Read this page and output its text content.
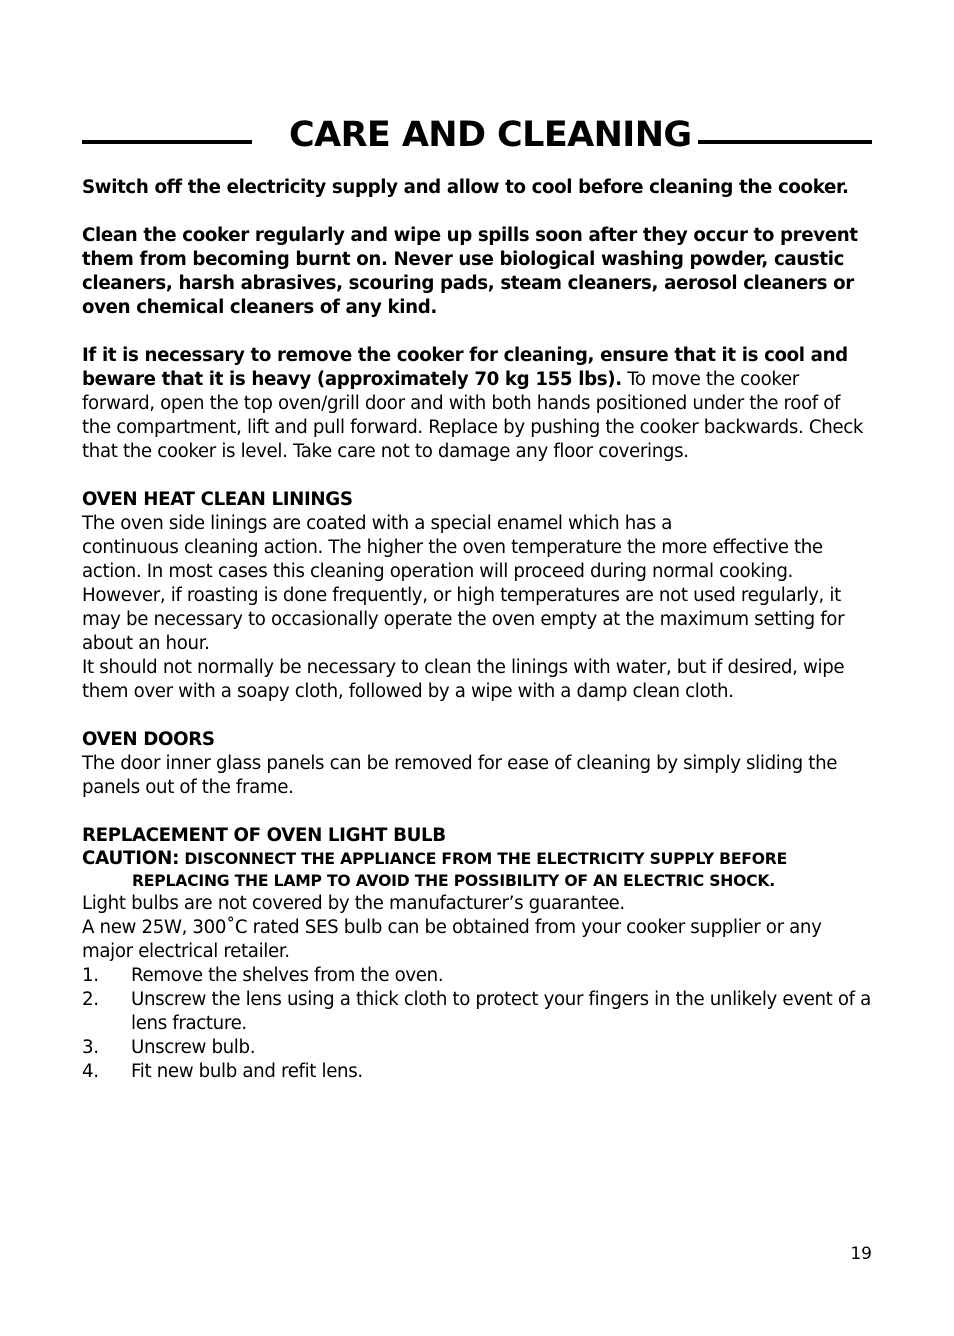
CARE AND CLEANING

Switch off the electricity supply and allow to cool before cleaning the cooker.

Clean the cooker regularly and wipe up spills soon after they occur to prevent them from becoming burnt on. Never use biological washing powder, caustic cleaners, harsh abrasives, scouring pads, steam cleaners, aerosol cleaners or oven chemical cleaners of any kind.

If it is necessary to remove the cooker for cleaning, ensure that it is cool and beware that it is heavy (approximately 70 kg 155 lbs). To move the cooker forward, open the top oven/grill door and with both hands positioned under the roof of the compartment, lift and pull forward. Replace by pushing the cooker backwards. Check that the cooker is level. Take care not to damage any floor coverings.

OVEN HEAT CLEAN LININGS

The oven side linings are coated with a special enamel which has a

continuous cleaning action. The higher the oven temperature the more effective the action. In most cases this cleaning operation will proceed during normal cooking. However, if roasting is done frequently, or high temperatures are not used regularly, it may be necessary to occasionally operate the oven empty at the maximum setting for about an hour.

It should not normally be necessary to clean the linings with water, but if desired, wipe them over with a soapy cloth, followed by a wipe with a damp clean cloth.

OVEN DOORS

The door inner glass panels can be removed for ease of cleaning by simply sliding the panels out of the frame.

REPLACEMENT OF OVEN LIGHT BULB

CAUTION: DISCONNECT THE APPLIANCE FROM THE ELECTRICITY SUPPLY BEFORE

REPLACING THE LAMP TO AVOID THE POSSIBILITY OF AN ELECTRIC SHOCK.

Light bulbs are not covered by the manufacturer’s guarantee.

A new 25W, 300˚C rated SES bulb can be obtained from your cooker supplier or any major electrical retailer.

1.	Remove the shelves from the oven.
2.	Unscrew the lens using a thick cloth to protect your fingers in the unlikely event of a lens fracture.
3.	Unscrew bulb.
4.	Fit new bulb and refit lens.
19
